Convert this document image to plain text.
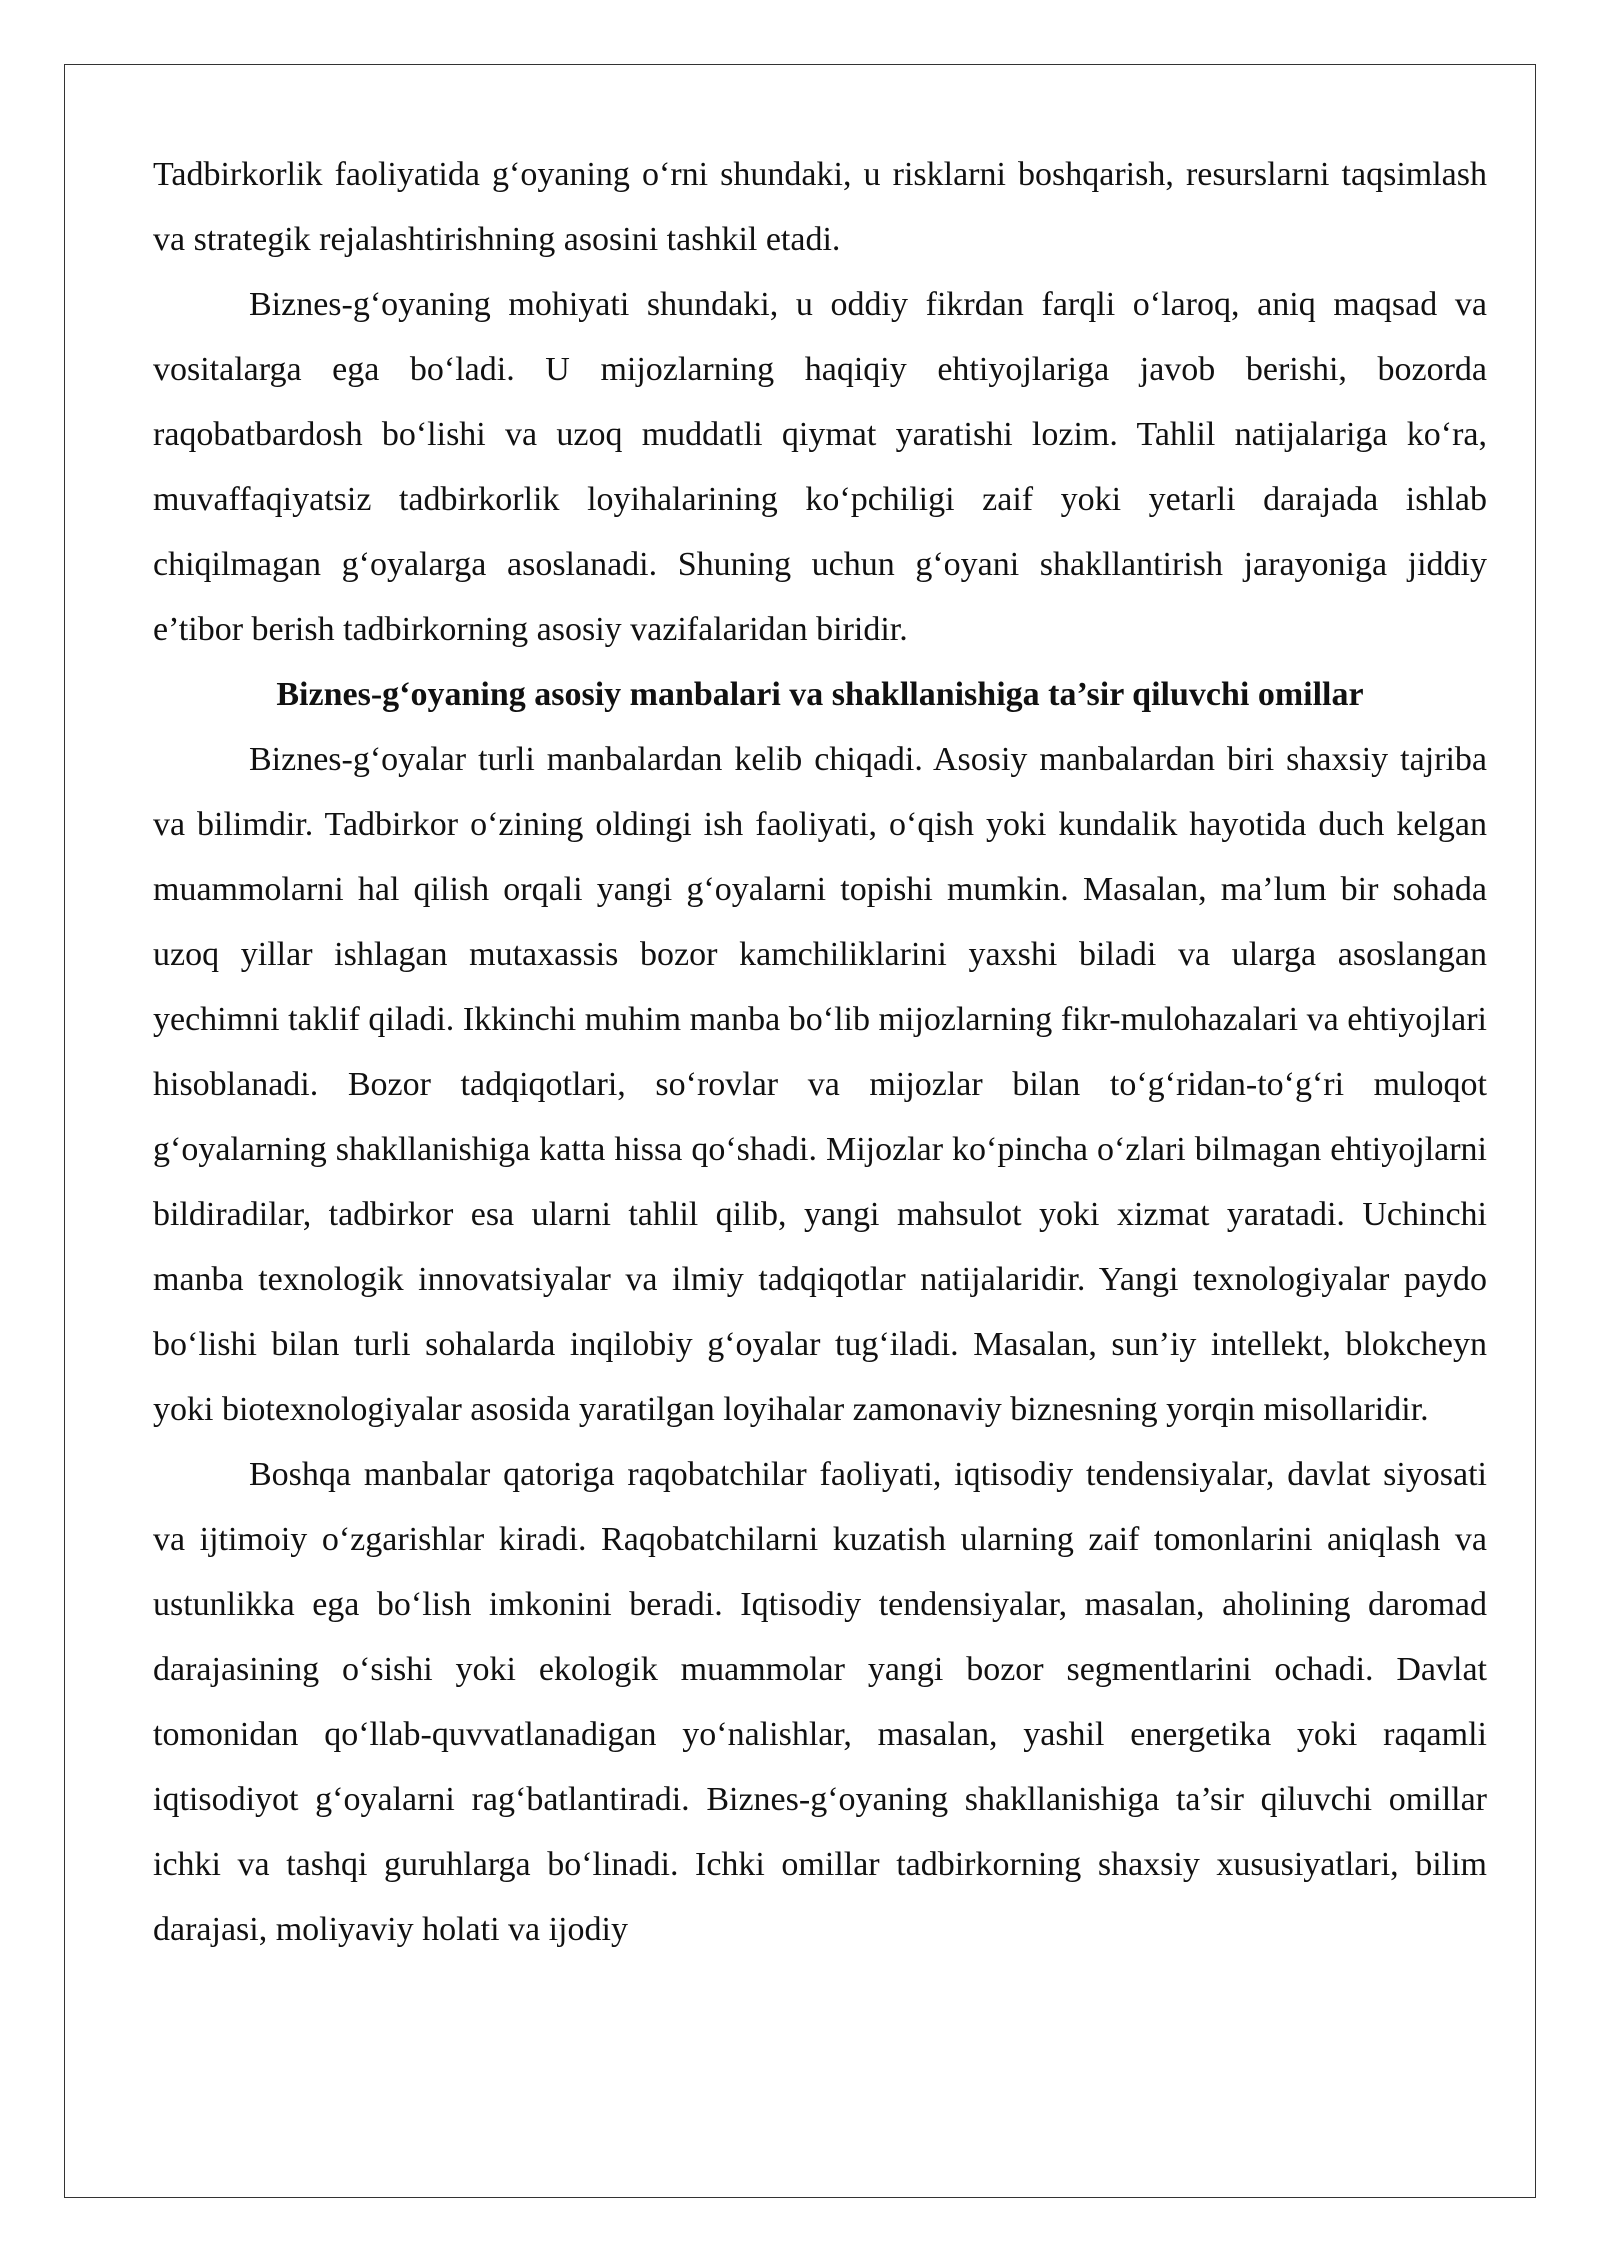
Tadbirkorlik faoliyatida g‘oyaning o‘rni shundaki, u risklarni boshqarish, resurslarni taqsimlash va strategik rejalashtirishning asosini tashkil etadi.

Biznes-g‘oyaning mohiyati shundaki, u oddiy fikrdan farqli o‘laroq, aniq maqsad va vositalarga ega bo‘ladi. U mijozlarning haqiqiy ehtiyojlariga javob berishi, bozorda raqobatbardosh bo‘lishi va uzoq muddatli qiymat yaratishi lozim. Tahlil natijalariga ko‘ra, muvaffaqiyatsiz tadbirkorlik loyihalarining ko‘pchiligi zaif yoki yetarli darajada ishlab chiqilmagan g‘oyalarga asoslanadi. Shuning uchun g‘oyani shakllantirish jarayoniga jiddiy e’tibor berish tadbirkorning asosiy vazifalaridan biridir.

Biznes-g‘oyaning asosiy manbalari va shakllanishiga ta’sir qiluvchi omillar

Biznes-g‘oyalar turli manbalardan kelib chiqadi. Asosiy manbalardan biri shaxsiy tajriba va bilimdir. Tadbirkor o‘zining oldingi ish faoliyati, o‘qish yoki kundalik hayotida duch kelgan muammolarni hal qilish orqali yangi g‘oyalarni topishi mumkin. Masalan, ma’lum bir sohada uzoq yillar ishlagan mutaxassis bozor kamchiliklarini yaxshi biladi va ularga asoslangan yechimni taklif qiladi. Ikkinchi muhim manba bo‘lib mijozlarning fikr-mulohazalari va ehtiyojlari hisoblanadi. Bozor tadqiqotlari, so‘rovlar va mijozlar bilan to‘g‘ridan-to‘g‘ri muloqot g‘oyalarning shakllanishiga katta hissa qo‘shadi. Mijozlar ko‘pincha o‘zlari bilmagan ehtiyojlarni bildiradilar, tadbirkor esa ularni tahlil qilib, yangi mahsulot yoki xizmat yaratadi. Uchinchi manba texnologik innovatsiyalar va ilmiy tadqiqotlar natijalaridir. Yangi texnologiyalar paydo bo‘lishi bilan turli sohalarda inqilobiy g‘oyalar tug‘iladi. Masalan, sun’iy intellekt, blokcheyn yoki biotexnologiyalar asosida yaratilgan loyihalar zamonaviy biznesning yorqin misollaridir.

Boshqa manbalar qatoriga raqobatchilar faoliyati, iqtisodiy tendensiyalar, davlat siyosati va ijtimoiy o‘zgarishlar kiradi. Raqobatchilarni kuzatish ularning zaif tomonlarini aniqlash va ustunlikka ega bo‘lish imkonini beradi. Iqtisodiy tendensiyalar, masalan, aholining daromad darajasining o‘sishi yoki ekologik muammolar yangi bozor segmentlarini ochadi. Davlat tomonidan qo‘llab-quvvatlanadigan yo‘nalishlar, masalan, yashil energetika yoki raqamli iqtisodiyot g‘oyalarni rag‘batlantiradi. Biznes-g‘oyaning shakllanishiga ta’sir qiluvchi omillar ichki va tashqi guruhlarga bo‘linadi. Ichki omillar tadbirkorning shaxsiy xususiyatlari, bilim darajasi, moliyaviy holati va ijodiy
